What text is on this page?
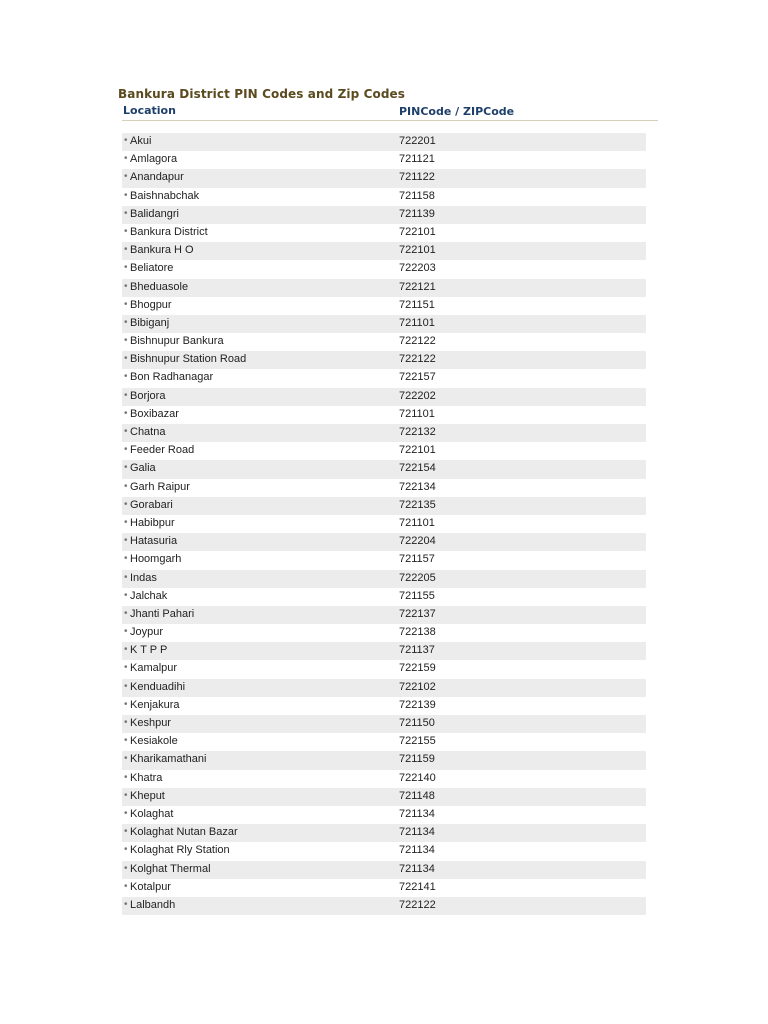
Bankura District PIN Codes and Zip Codes
Location	PINCode / ZIPCode
• Akui	722201
• Amlagora	721121
• Anandapur	721122
• Baishnabchak	721158
• Balidangri	721139
• Bankura District	722101
• Bankura H O	722101
• Beliatore	722203
• Bheduasole	722121
• Bhogpur	721151
• Bibiganj	721101
• Bishnupur Bankura	722122
• Bishnupur Station Road	722122
• Bon Radhanagar	722157
• Borjora	722202
• Boxibazar	721101
• Chatna	722132
• Feeder Road	722101
• Galia	722154
• Garh Raipur	722134
• Gorabari	722135
• Habibpur	721101
• Hatasuria	722204
• Hoomgarh	721157
• Indas	722205
• Jalchak	721155
• Jhanti Pahari	722137
• Joypur	722138
• K T P P	721137
• Kamalpur	722159
• Kenduadihi	722102
• Kenjakura	722139
• Keshpur	721150
• Kesiakole	722155
• Kharikamathani	721159
• Khatra	722140
• Kheput	721148
• Kolaghat	721134
• Kolaghat Nutan Bazar	721134
• Kolaghat Rly Station	721134
• Kolghat Thermal	721134
• Kotalpur	722141
• Lalbandh	722122
